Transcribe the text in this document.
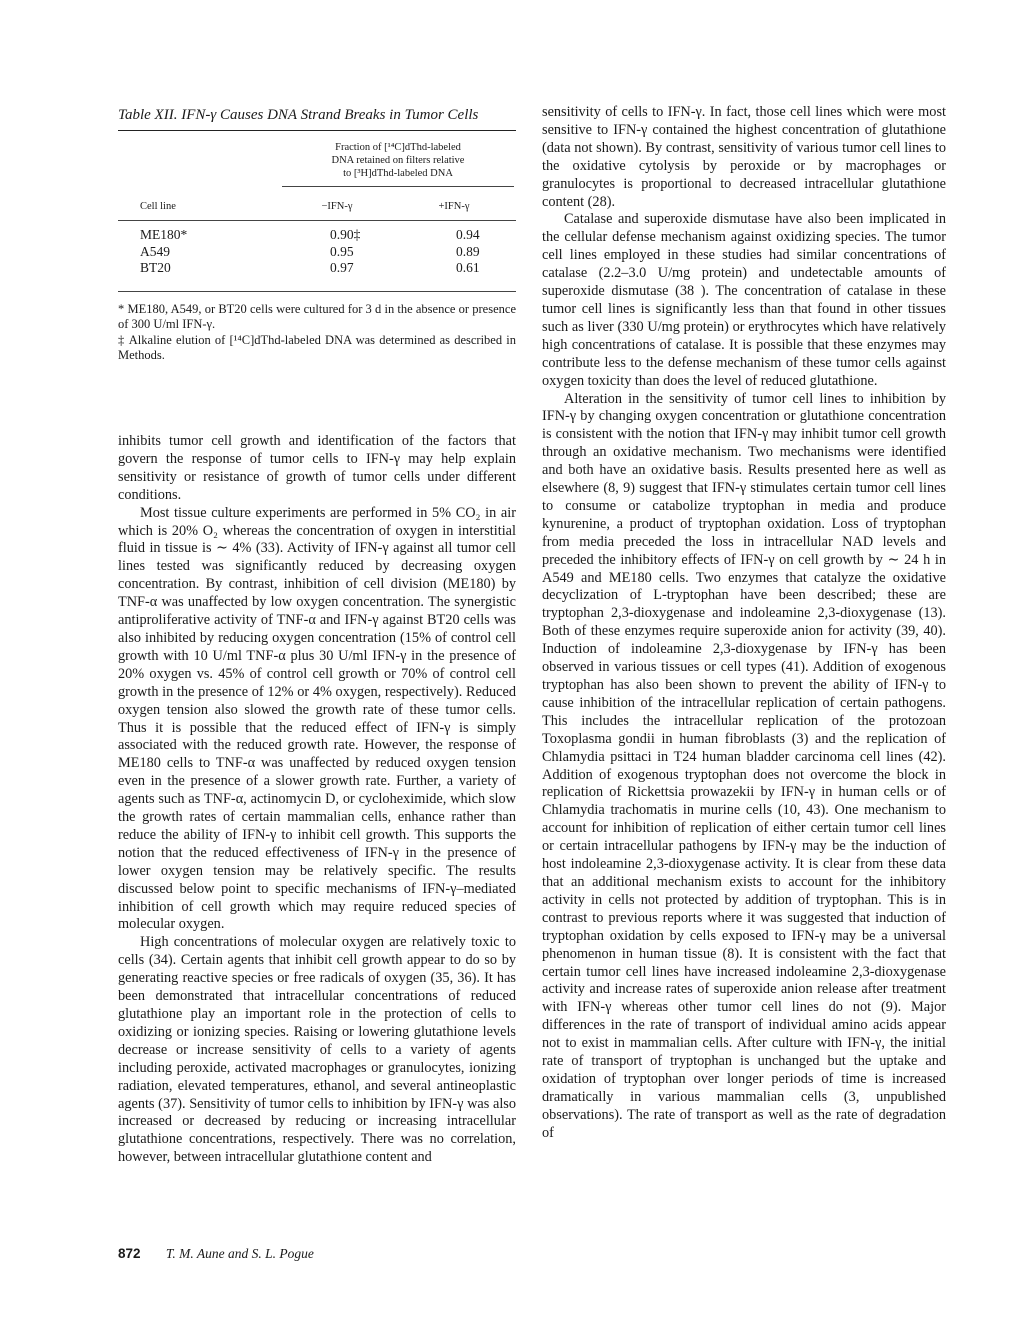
Table XII. IFN-γ Causes DNA Strand Breaks in Tumor Cells
Fraction of [¹⁴C]dThd-labeled
DNA retained on filters relative
to [³H]dThd-labeled DNA
Cell line	−IFN-γ	+IFN-γ
ME180*	0.90‡	0.94
A549	0.95	0.89
BT20	0.97	0.61

* ME180, A549, or BT20 cells were cultured for 3 d in the absence or presence of 300 U/ml IFN-γ.

‡ Alkaline elution of [¹⁴C]dThd-labeled DNA was determined as described in Methods.

inhibits tumor cell growth and identification of the factors that govern the response of tumor cells to IFN-γ may help explain sensitivity or resistance of growth of tumor cells under different conditions.

Most tissue culture experiments are performed in 5% CO₂ in air which is 20% O₂ whereas the concentration of oxygen in interstitial fluid in tissue is ∼ 4% (33). Activity of IFN-γ against all tumor cell lines tested was significantly reduced by decreasing oxygen concentration. By contrast, inhibition of cell division (ME180) by TNF-α was unaffected by low oxygen concentration. The synergistic antiproliferative activity of TNF-α and IFN-γ against BT20 cells was also inhibited by reducing oxygen concentration (15% of control cell growth with 10 U/ml TNF-α plus 30 U/ml IFN-γ in the presence of 20% oxygen vs. 45% of control cell growth or 70% of control cell growth in the presence of 12% or 4% oxygen, respectively). Reduced oxygen tension also slowed the growth rate of these tumor cells. Thus it is possible that the reduced effect of IFN-γ is simply associated with the reduced growth rate. However, the response of ME180 cells to TNF-α was unaffected by reduced oxygen tension even in the presence of a slower growth rate. Further, a variety of agents such as TNF-α, actinomycin D, or cycloheximide, which slow the growth rates of certain mammalian cells, enhance rather than reduce the ability of IFN-γ to inhibit cell growth. This supports the notion that the reduced effectiveness of IFN-γ in the presence of lower oxygen tension may be relatively specific. The results discussed below point to specific mechanisms of IFN-γ–mediated inhibition of cell growth which may require reduced species of molecular oxygen.

High concentrations of molecular oxygen are relatively toxic to cells (34). Certain agents that inhibit cell growth appear to do so by generating reactive species or free radicals of oxygen (35, 36). It has been demonstrated that intracellular concentrations of reduced glutathione play an important role in the protection of cells to oxidizing or ionizing species. Raising or lowering glutathione levels decrease or increase sensitivity of cells to a variety of agents including peroxide, activated macrophages or granulocytes, ionizing radiation, elevated temperatures, ethanol, and several antineoplastic agents (37). Sensitivity of tumor cells to inhibition by IFN-γ was also increased or decreased by reducing or increasing intracellular glutathione concentrations, respectively. There was no correlation, however, between intracellular glutathione content and

sensitivity of cells to IFN-γ. In fact, those cell lines which were most sensitive to IFN-γ contained the highest concentration of glutathione (data not shown). By contrast, sensitivity of various tumor cell lines to the oxidative cytolysis by peroxide or by macrophages or granulocytes is proportional to decreased intracellular glutathione content (28).

Catalase and superoxide dismutase have also been implicated in the cellular defense mechanism against oxidizing species. The tumor cell lines employed in these studies had similar concentrations of catalase (2.2–3.0 U/mg protein) and undetectable amounts of superoxide dismutase (38 ). The concentration of catalase in these tumor cell lines is significantly less than that found in other tissues such as liver (330 U/mg protein) or erythrocytes which have relatively high concentrations of catalase. It is possible that these enzymes may contribute less to the defense mechanism of these tumor cells against oxygen toxicity than does the level of reduced glutathione.

Alteration in the sensitivity of tumor cell lines to inhibition by IFN-γ by changing oxygen concentration or glutathione concentration is consistent with the notion that IFN-γ may inhibit tumor cell growth through an oxidative mechanism. Two mechanisms were identified and both have an oxidative basis. Results presented here as well as elsewhere (8, 9) suggest that IFN-γ stimulates certain tumor cell lines to consume or catabolize tryptophan in media and produce kynurenine, a product of tryptophan oxidation. Loss of tryptophan from media preceded the loss in intracellular NAD levels and preceded the inhibitory effects of IFN-γ on cell growth by ∼ 24 h in A549 and ME180 cells. Two enzymes that catalyze the oxidative decyclization of L-tryptophan have been described; these are tryptophan 2,3-dioxygenase and indoleamine 2,3-dioxygenase (13). Both of these enzymes require superoxide anion for activity (39, 40). Induction of indoleamine 2,3-dioxygenase by IFN-γ has been observed in various tissues or cell types (41). Addition of exogenous tryptophan has also been shown to prevent the ability of IFN-γ to cause inhibition of the intracellular replication of certain pathogens. This includes the intracellular replication of the protozoan Toxoplasma gondii in human fibroblasts (3) and the replication of Chlamydia psittaci in T24 human bladder carcinoma cell lines (42). Addition of exogenous tryptophan does not overcome the block in replication of Rickettsia prowazekii by IFN-γ in human cells or of Chlamydia trachomatis in murine cells (10, 43). One mechanism to account for inhibition of replication of either certain tumor cell lines or certain intracellular pathogens by IFN-γ may be the induction of host indoleamine 2,3-dioxygenase activity. It is clear from these data that an additional mechanism exists to account for the inhibitory activity in cells not protected by addition of tryptophan. This is in contrast to previous reports where it was suggested that induction of tryptophan oxidation by cells exposed to IFN-γ may be a universal phenomenon in human tissue (8). It is consistent with the fact that certain tumor cell lines have increased indoleamine 2,3-dioxygenase activity and increase rates of superoxide anion release after treatment with IFN-γ whereas other tumor cell lines do not (9). Major differences in the rate of transport of individual amino acids appear not to exist in mammalian cells. After culture with IFN-γ, the initial rate of transport of tryptophan is unchanged but the uptake and oxidation of tryptophan over longer periods of time is increased dramatically in various mammalian cells (3, unpublished observations). The rate of transport as well as the rate of degradation of

872 T. M. Aune and S. L. Pogue
